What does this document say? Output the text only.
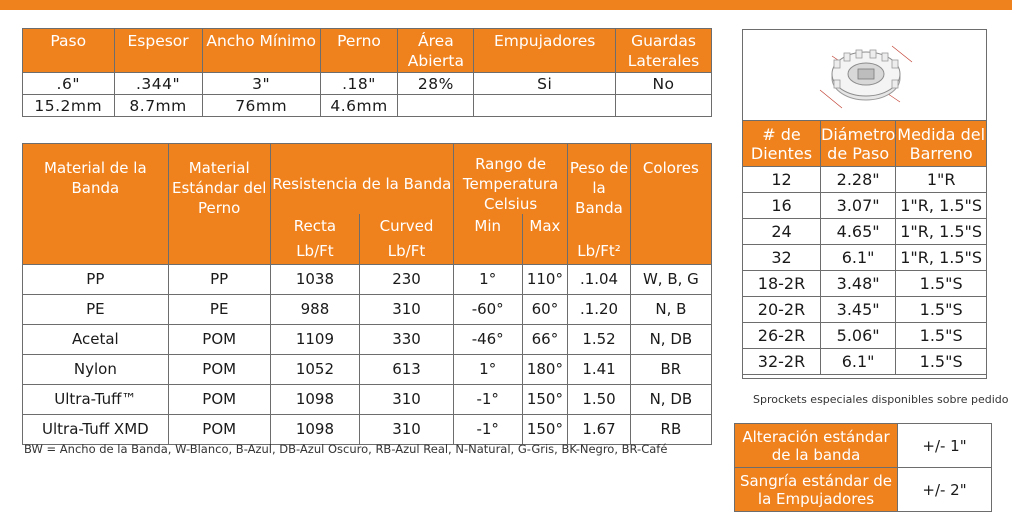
Paso	Espesor	Ancho Mínimo	Perno	Área Abierta	Empujadores	Guardas Laterales
.6"	.344"	3"	.18"	28%	Si	No
15.2mm	8.7mm	76mm	4.6mm			
Material de la Banda	Material Estándar del Perno	Resistencia de la Banda		Rango de Temperatura Celsius		Peso de la Banda	Colores
		Recta	Curved	Min	Max		
		Lb/Ft	Lb/Ft			Lb/Ft²	
PP	PP	1038	230	1°	110°	.1.04	W, B, G
PE	PE	988	310	-60°	60°	.1.20	N, B
Acetal	POM	1109	330	-46°	66°	1.52	N, DB
Nylon	POM	1052	613	1°	180°	1.41	BR
Ultra-Tuff™	POM	1098	310	-1°	150°	1.50	N, DB
Ultra-Tuff XMD	POM	1098	310	-1°	150°	1.67	RB
BW = Ancho de la Banda, W-Blanco, B-Azul, DB-Azul Oscuro, RB-Azul Real, N-Natural, G-Gris, BK-Negro, BR-Café
# de Dientes	Diámetro de Paso	Medida del Barreno
12	2.28"	1"R
16	3.07"	1"R, 1.5"S
24	4.65"	1"R, 1.5"S
32	6.1"	1"R, 1.5"S
18-2R	3.48"	1.5"S
20-2R	3.45"	1.5"S
26-2R	5.06"	1.5"S
32-2R	6.1"	1.5"S
Sprockets especiales disponibles sobre pedido
Alteración estándar de la banda	+/- 1"
Sangría estándar de la Empujadores	+/- 2"
